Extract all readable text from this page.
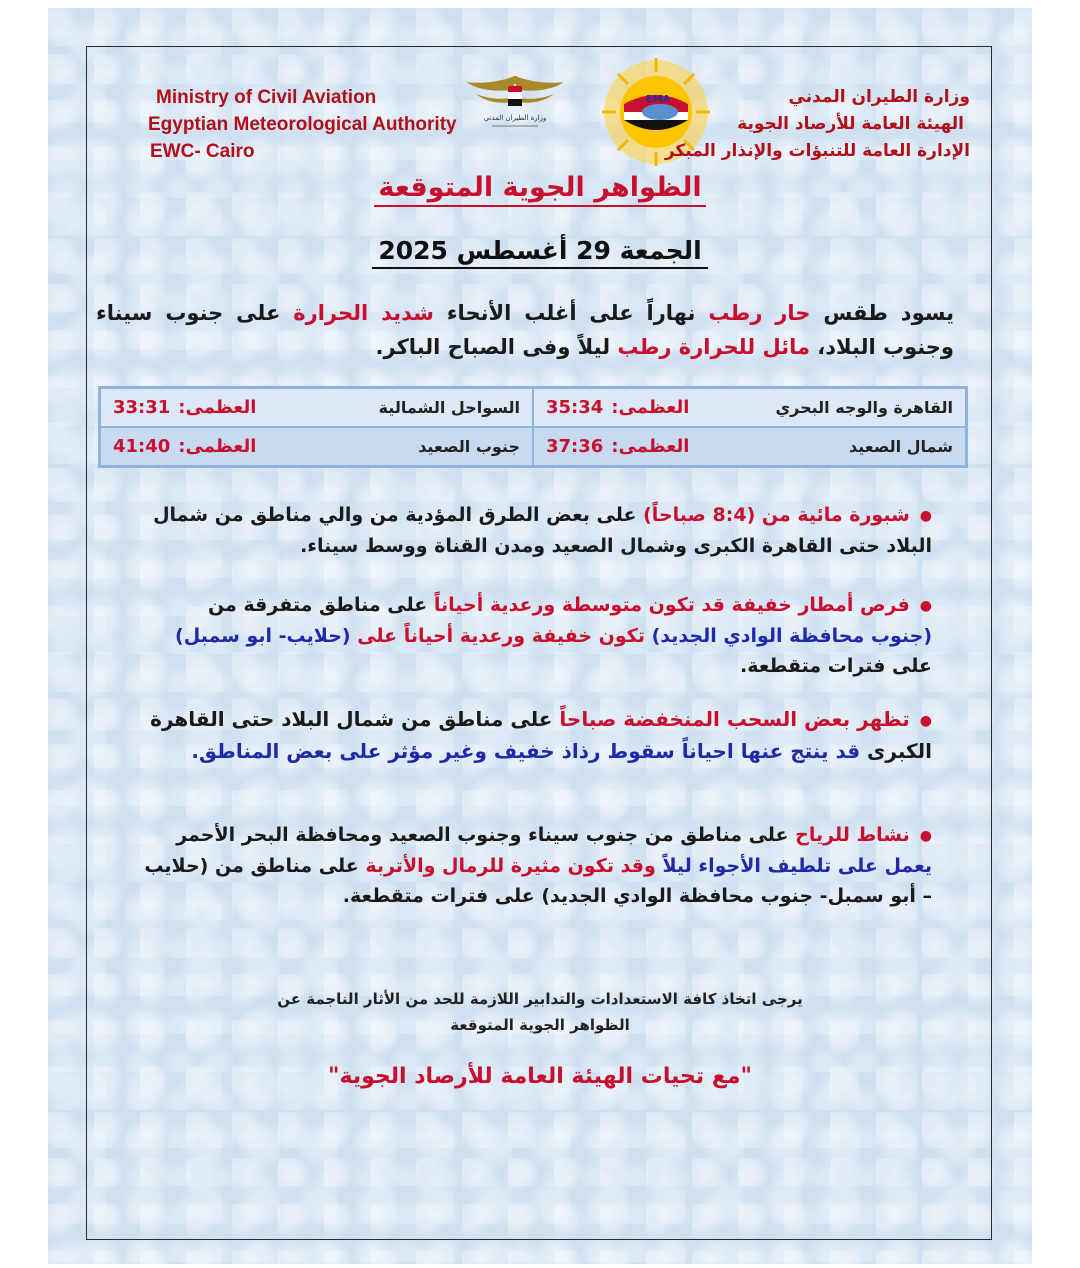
Ministry of Civil Aviation
Egyptian Meteorological Authority
EWC- Cairo
وزارة الطيران المدني
EMA	وزارة الطيران المدني
الهيئة العامة للأرصاد الجوية
الإدارة العامة للتنبؤات والإنذار المبكر
الظواهر الجوية المتوقعة
الجمعة 29 أغسطس 2025
يسود طقس حار رطب نهاراً على أغلب الأنحاء شديد الحرارة على جنوب سيناء وجنوب البلاد، مائل للحرارة رطب ليلاً وفى الصباح الباكر.
القاهرة والوجه البحري
العظمى:
35:34
السواحل الشمالية
العظمى:
33:31
شمال الصعيد
العظمى:
37:36
جنوب الصعيد
العظمى:
41:40
●شبورة مائية من (8:4 صباحاً) على بعض الطرق المؤدية من والي مناطق من شمال البلاد حتى القاهرة الكبرى وشمال الصعيد ومدن القناة ووسط سيناء.
●فرص أمطار خفيفة قد تكون متوسطة ورعدية أحياناً على مناطق متفرقة من (جنوب محافظة الوادي الجديد) تكون خفيفة ورعدية أحياناً على (حلايب- ابو سمبل) على فترات متقطعة.
●تظهر بعض السحب المنخفضة صباحاً على مناطق من شمال البلاد حتى القاهرة الكبرى قد ينتج عنها احياناً سقوط رذاذ خفيف وغير مؤثر على بعض المناطق.
●نشاط للرياح على مناطق من جنوب سيناء وجنوب الصعيد ومحافظة البحر الأحمر يعمل على تلطيف الأجواء ليلاً وقد تكون مثيرة للرمال والأتربة على مناطق من (حلايب – أبو سمبل- جنوب محافظة الوادي الجديد) على فترات متقطعة.
يرجى اتخاذ كافة الاستعدادات والتدابير اللازمة للحد من الأثار الناجمة عن
الظواهر الجوية المتوقعة
"مع تحيات الهيئة العامة للأرصاد الجوية"
